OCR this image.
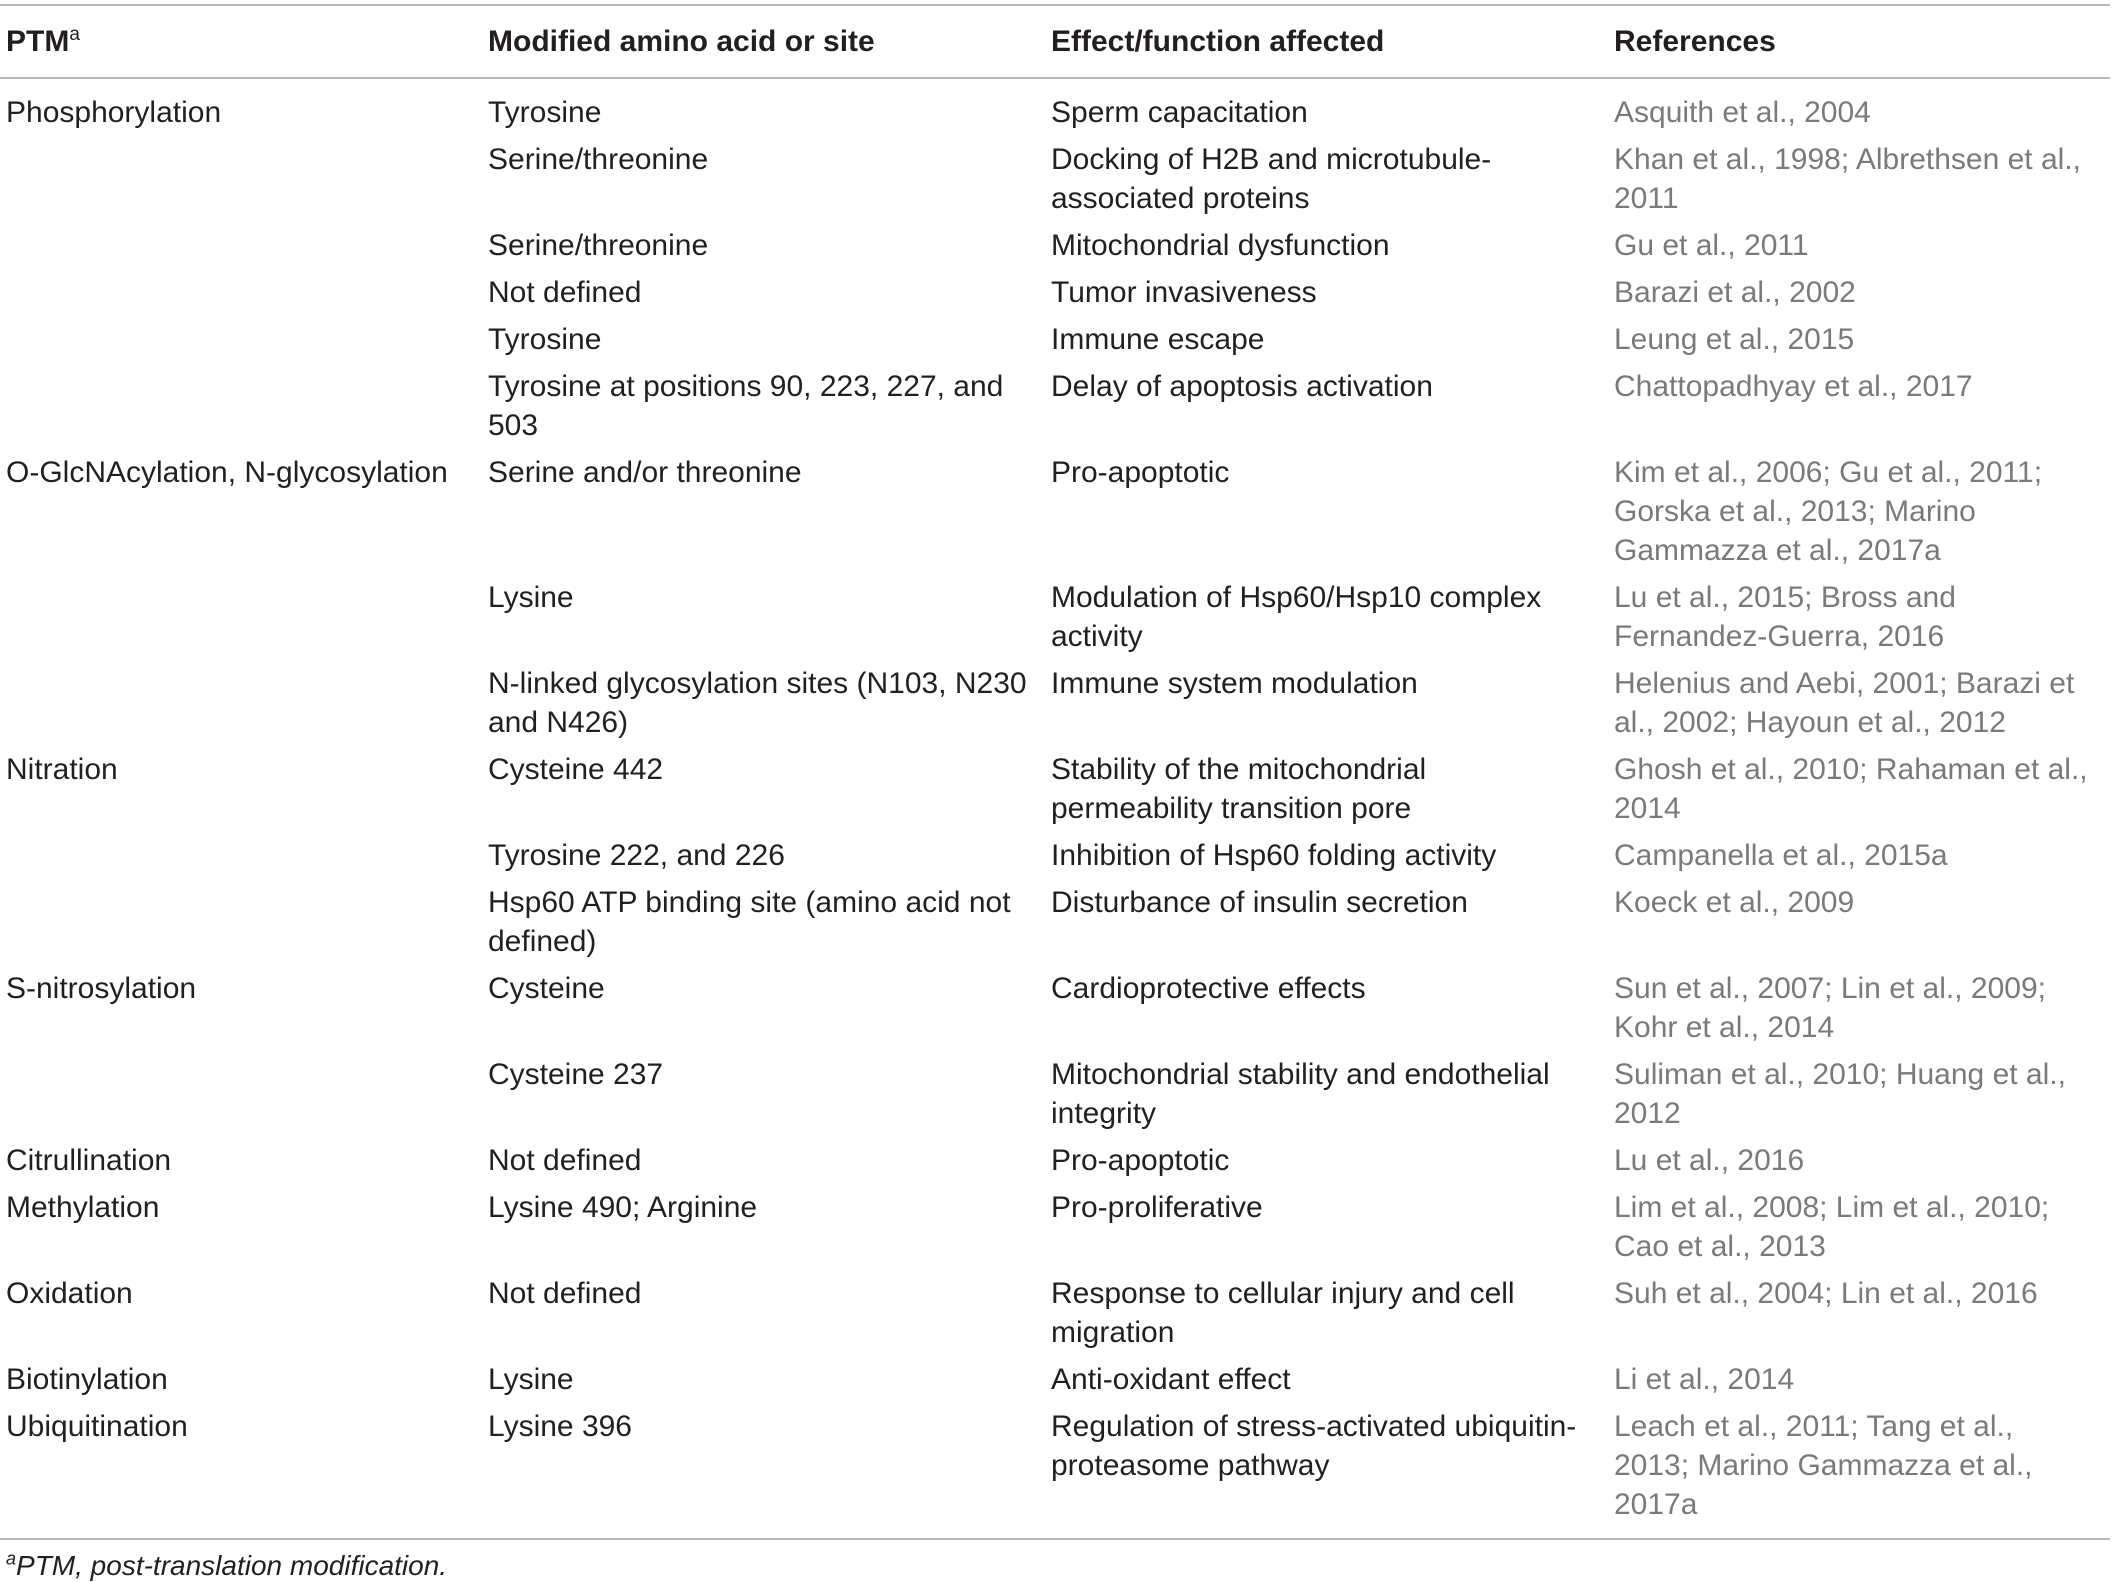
PTM$^a$	Modified amino acid or site	Effect/function affected	References
Phosphorylation	Tyrosine	Sperm capacitation	Asquith et al., 2004
	Serine/threonine	Docking of H2B and microtubule-associated proteins	Khan et al., 1998; Albrethsen et al., 2011
	Serine/threonine	Mitochondrial dysfunction	Gu et al., 2011
	Not defined	Tumor invasiveness	Barazi et al., 2002
	Tyrosine	Immune escape	Leung et al., 2015
	Tyrosine at positions 90, 223, 227, and 503	Delay of apoptosis activation	Chattopadhyay et al., 2017
O-GlcNAcylation, N-glycosylation	Serine and/or threonine	Pro-apoptotic	Kim et al., 2006; Gu et al., 2011; Gorska et al., 2013; Marino Gammazza et al., 2017a
	Lysine	Modulation of Hsp60/Hsp10 complex activity	Lu et al., 2015; Bross and Fernandez-Guerra, 2016
	N-linked glycosylation sites (N103, N230 and N426)	Immune system modulation	Helenius and Aebi, 2001; Barazi et al., 2002; Hayoun et al., 2012
Nitration	Cysteine 442	Stability of the mitochondrial permeability transition pore	Ghosh et al., 2010; Rahaman et al., 2014
	Tyrosine 222, and 226	Inhibition of Hsp60 folding activity	Campanella et al., 2015a
	Hsp60 ATP binding site (amino acid not defined)	Disturbance of insulin secretion	Koeck et al., 2009
S-nitrosylation	Cysteine	Cardioprotective effects	Sun et al., 2007; Lin et al., 2009; Kohr et al., 2014
	Cysteine 237	Mitochondrial stability and endothelial integrity	Suliman et al., 2010; Huang et al., 2012
Citrullination	Not defined	Pro-apoptotic	Lu et al., 2016
Methylation	Lysine 490; Arginine	Pro-proliferative	Lim et al., 2008; Lim et al., 2010; Cao et al., 2013
Oxidation	Not defined	Response to cellular injury and cell migration	Suh et al., 2004; Lin et al., 2016
Biotinylation	Lysine	Anti-oxidant effect	Li et al., 2014
Ubiquitination	Lysine 396	Regulation of stress-activated ubiquitin-proteasome pathway	Leach et al., 2011; Tang et al., 2013; Marino Gammazza et al., 2017a
$^a$PTM, post-translation modification.
